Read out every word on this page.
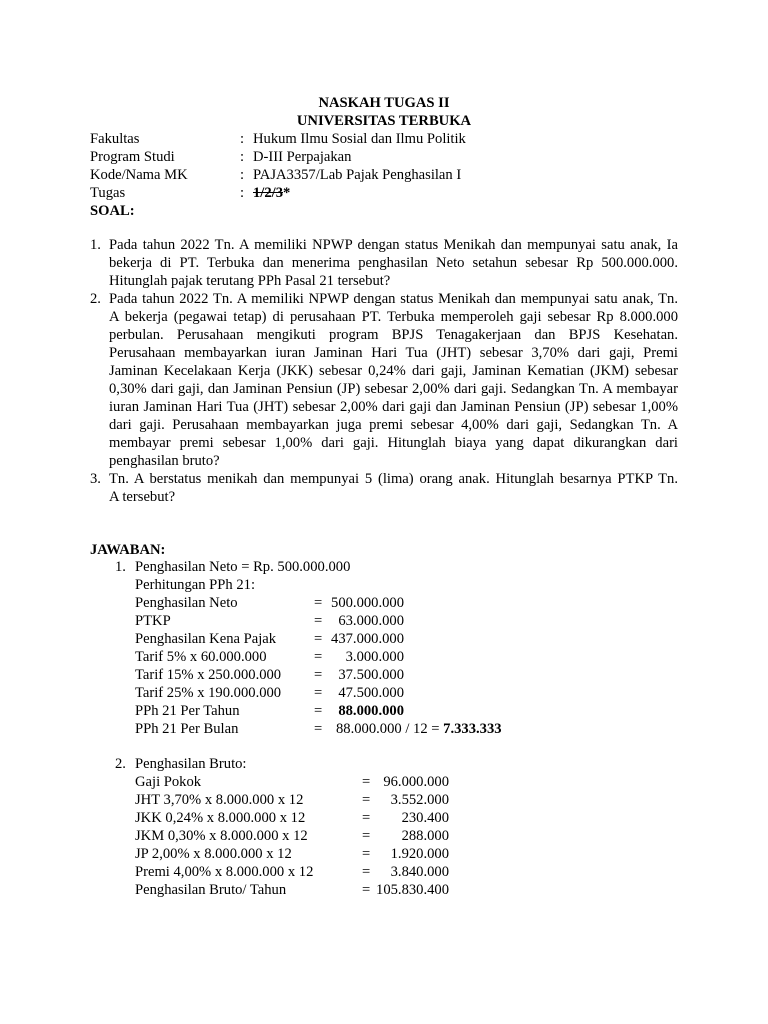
NASKAH TUGAS II
UNIVERSITAS TERBUKA
Fakultas	: Hukum Ilmu Sosial dan Ilmu Politik
Program Studi	: D-III Perpajakan
Kode/Nama MK	: PAJA3357/Lab Pajak Penghasilan I
Tugas	: 1/2/3*
SOAL:
1. Pada tahun 2022 Tn. A memiliki NPWP dengan status Menikah dan mempunyai satu anak, Ia
bekerja di PT. Terbuka dan menerima penghasilan Neto setahun sebesar Rp 500.000.000.
Hitunglah pajak terutang PPh Pasal 21 tersebut?
2. Pada tahun 2022 Tn. A memiliki NPWP dengan status Menikah dan mempunyai satu anak, Tn.
A bekerja (pegawai tetap) di perusahaan PT. Terbuka memperoleh gaji sebesar Rp 8.000.000
perbulan. Perusahaan mengikuti program BPJS Tenagakerjaan dan BPJS Kesehatan.
Perusahaan membayarkan iuran Jaminan Hari Tua (JHT) sebesar 3,70% dari gaji, Premi
Jaminan Kecelakaan Kerja (JKK) sebesar 0,24% dari gaji, Jaminan Kematian (JKM) sebesar
0,30% dari gaji, dan Jaminan Pensiun (JP) sebesar 2,00% dari gaji. Sedangkan Tn. A membayar
iuran Jaminan Hari Tua (JHT) sebesar 2,00% dari gaji dan Jaminan Pensiun (JP) sebesar 1,00%
dari gaji. Perusahaan membayarkan juga premi sebesar 4,00% dari gaji, Sedangkan Tn. A
membayar premi sebesar 1,00% dari gaji. Hitunglah biaya yang dapat dikurangkan dari
penghasilan bruto?
3. Tn. A berstatus menikah dan mempunyai 5 (lima) orang anak. Hitunglah besarnya PTKP Tn.
A tersebut?
JAWABAN:
1. Penghasilan Neto = Rp. 500.000.000
Perhitungan PPh 21:
Penghasilan Neto	= 500.000.000
PTKP	=	63.000.000
Penghasilan Kena Pajak	= 437.000.000
Tarif 5% x 60.000.000	=	3.000.000
Tarif 15% x 250.000.000 =	37.500.000
Tarif 25% x 190.000.000 =	47.500.000
PPh 21 Per Tahun	=	88.000.000
PPh 21 Per Bulan	= 88.000.000 / 12 = 7.333.333
2. Penghasilan Bruto:
Gaji Pokok	= 96.000.000
JHT 3,70% x 8.000.000 x 12	=	3.552.000
JKK 0,24% x 8.000.000 x 12	=	230.400
JKM 0,30% x 8.000.000 x 12	=	288.000
JP 2,00% x 8.000.000 x 12	=	1.920.000
Premi 4,00% x 8.000.000 x 12	=	3.840.000
Penghasilan Bruto/ Tahun	= 105.830.400
